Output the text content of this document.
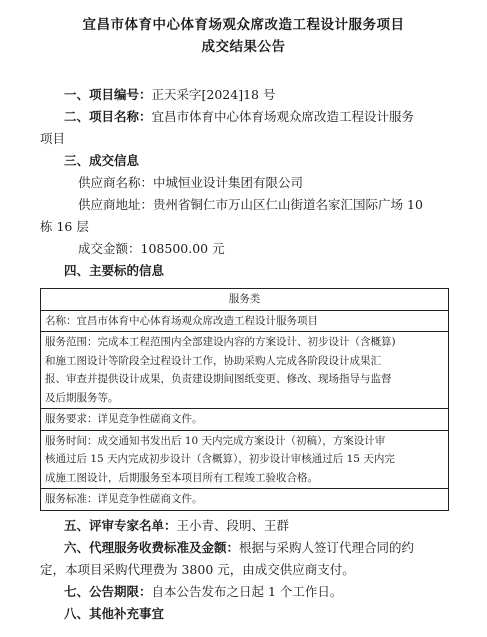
宜昌市体育中心体育场观众席改造工程设计服务项目
成交结果公告

一、项目编号：正天采字[2024]18 号

二、项目名称：宜昌市体育中心体育场观众席改造工程设计服务

项目

三、成交信息

供应商名称：中城恒业设计集团有限公司
供应商地址：贵州省铜仁市万山区仁山街道名家汇国际广场 10
栋 16 层
成交金额：108500.00 元

四、主要标的信息

服务类
名称：宜昌市体育中心体育场观众席改造工程设计服务项目
服务范围：完成本工程范围内全部建设内容的方案设计、初步设计（含概算)
和施工图设计等阶段全过程设计工作，协助采购人完成各阶段设计成果汇
报、审查并提供设计成果，负责建设期间图纸变更、修改、现场指导与监督
及后期服务等。
服务要求：详见竞争性磋商文件。
服务时间：成交通知书发出后 10 天内完成方案设计（初稿），方案设计审
核通过后 15 天内完成初步设计（含概算），初步设计审核通过后 15 天内完
成施工图设计，后期服务至本项目所有工程竣工验收合格。
服务标准：详见竞争性磋商文件。

五、评审专家名单：王小青、段明、王群

六、代理服务收费标准及金额：根据与采购人签订代理合同的约

定，本项目采购代理费为 3800 元，由成交供应商支付。

七、公告期限：自本公告发布之日起 1 个工作日。

八、其他补充事宜
